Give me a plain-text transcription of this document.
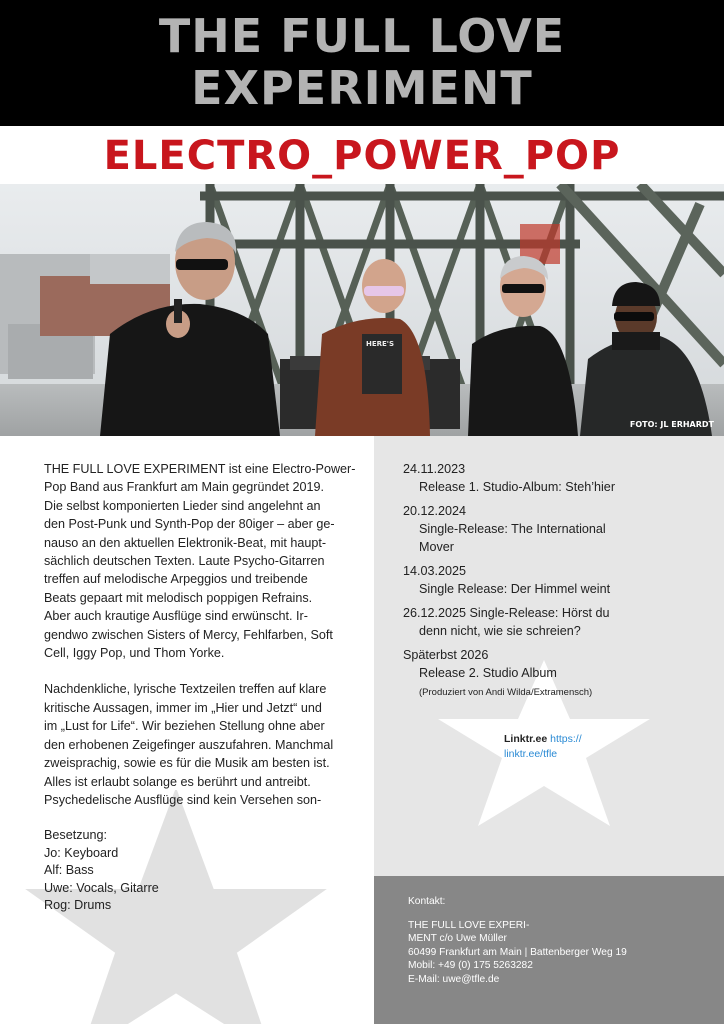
THE FULL LOVE
EXPERIMENT
ELECTRO_POWER_POP
HERE'S
FOTO: JL ERHARDT

THE FULL LOVE EXPERIMENT ist eine Electro-Power-
Pop Band aus Frankfurt am Main gegründet 2019.
Die selbst komponierten Lieder sind angelehnt an
den Post-Punk und Synth-Pop der 80iger – aber ge-
nauso an den aktuellen Elektronik-Beat, mit haupt-
sächlich deutschen Texten. Laute Psycho-Gitarren
treffen auf melodische Arpeggios und treibende
Beats gepaart mit melodisch poppigen Refrains.
Aber auch krautige Ausflüge sind erwünscht. Ir-
gendwo zwischen Sisters of Mercy, Fehlfarben, Soft
Cell, Iggy Pop, und Thom Yorke.

Nachdenkliche, lyrische Textzeilen treffen auf klare
kritische Aussagen, immer im „Hier und Jetzt“ und
im „Lust for Life“. Wir beziehen Stellung ohne aber
den erhobenen Zeigefinger auszufahren. Manchmal
zweisprachig, sowie es für die Musik am besten ist.
Alles ist erlaubt solange es berührt und antreibt.
Psychedelische Ausflüge sind kein Versehen son-

Besetzung:
Jo: Keyboard
Alf: Bass
Uwe: Vocals, Gitarre
Rog: Drums
24.11.2023
Release 1. Studio-Album: Steh’hier
20.12.2024
Single-Release: The International
Mover
14.03.2025
Single Release: Der Himmel weint
26.12.2025 Single-Release: Hörst du
denn nicht, wie sie schreien?
Späterbst 2026
Release 2. Studio Album
(Produziert von Andi Wilda/Extramensch)
Linktr.ee https://
linktr.ee/tfle
Kontakt:
THE FULL LOVE EXPERI-
MENT c/o Uwe Müller
60499 Frankfurt am Main | Battenberger Weg 19
Mobil: +49 (0) 175 5263282
E-Mail: uwe@tfle.de
